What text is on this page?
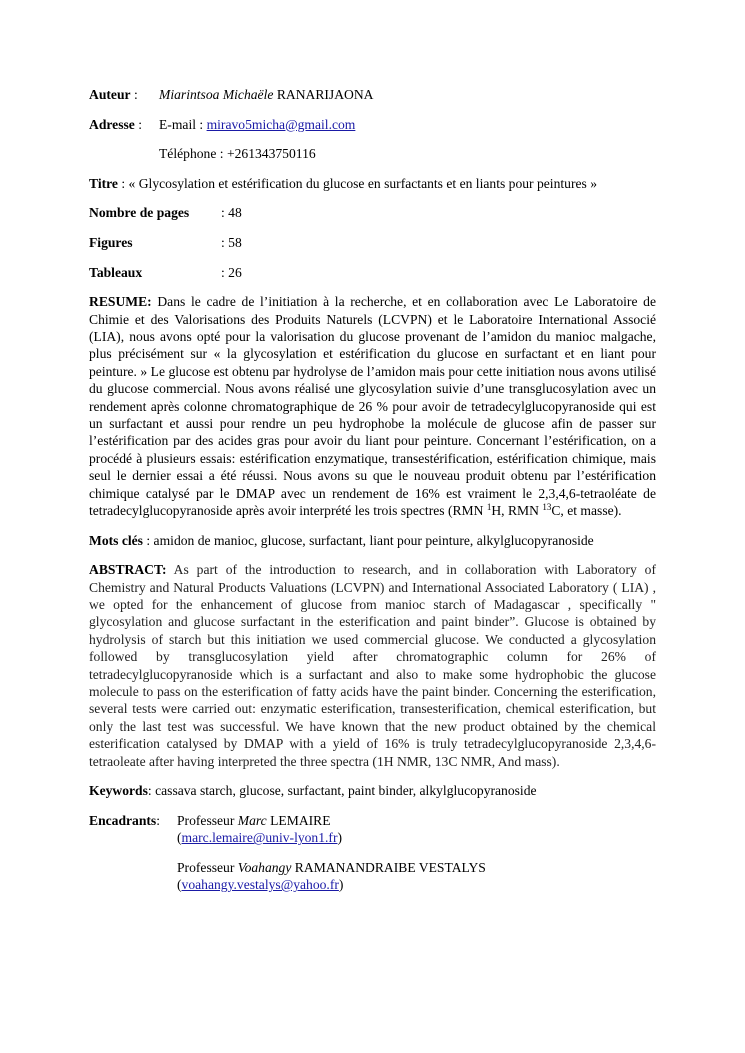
Auteur :	Miarintsoa Michaële RANARIJAONA
Adresse :	E-mail : miravo5micha@gmail.com
Téléphone : +261343750116
Titre : « Glycosylation et estérification du glucose en surfactants et en liants pour peintures »
Nombre de pages	: 48
Figures	: 58
Tableaux	: 26
RESUME: Dans le cadre de l’initiation à la recherche, et en collaboration avec Le Laboratoire de Chimie et des Valorisations des Produits Naturels (LCVPN) et le Laboratoire International Associé (LIA), nous avons opté pour la valorisation du glucose provenant de l’amidon du manioc malgache, plus précisément sur « la glycosylation et estérification du glucose en surfactant et en liant pour peinture. » Le glucose est obtenu par hydrolyse de l’amidon mais pour cette initiation nous avons utilisé du glucose commercial. Nous avons réalisé une glycosylation suivie d’une transglucosylation avec un rendement après colonne chromatographique de 26 % pour avoir de tetradecylglucopyranoside qui est un surfactant et aussi pour rendre un peu hydrophobe la molécule de glucose afin de passer sur l’estérification par des acides gras pour avoir du liant pour peinture. Concernant l’estérification, on a procédé à plusieurs essais: estérification enzymatique, transestérification, estérification chimique, mais seul le dernier essai a été réussi. Nous avons su que le nouveau produit obtenu par l’estérification chimique catalysé par le DMAP avec un rendement de 16% est vraiment le 2,3,4,6-tetraoléate de tetradecylglucopyranoside après avoir interprété les trois spectres (RMN $^1$H, RMN $^{13}$C, et masse).
Mots clés : amidon de manioc, glucose, surfactant, liant pour peinture, alkylglucopyranoside
ABSTRACT: As part of the introduction to research, and in collaboration with Laboratory of Chemistry and Natural Products Valuations (LCVPN) and International Associated Laboratory ( LIA) , we opted for the enhancement of glucose from manioc starch of Madagascar , specifically " glycosylation and glucose surfactant in the esterification and paint binder”. Glucose is obtained by hydrolysis of starch but this initiation we used commercial glucose. We conducted a glycosylation followed by transglucosylation yield after chromatographic column for 26% of tetradecylglucopyranoside which is a surfactant and also to make some hydrophobic the glucose molecule to pass on the esterification of fatty acids have the paint binder. Concerning the esterification, several tests were carried out: enzymatic esterification, transesterification, chemical esterification, but only the last test was successful. We have known that the new product obtained by the chemical esterification catalysed by DMAP with a yield of 16% is truly tetradecylglucopyranoside 2,3,4,6-tetraoleate after having interpreted the three spectra (1H NMR, 13C NMR, And mass).
Keywords: cassava starch, glucose, surfactant, paint binder, alkylglucopyranoside
Encadrants:	Professeur Marc LEMAIRE
(marc.lemaire@univ-lyon1.fr)
Professeur Voahangy RAMANANDRAIBE VESTALYS
(voahangy.vestalys@yahoo.fr)
